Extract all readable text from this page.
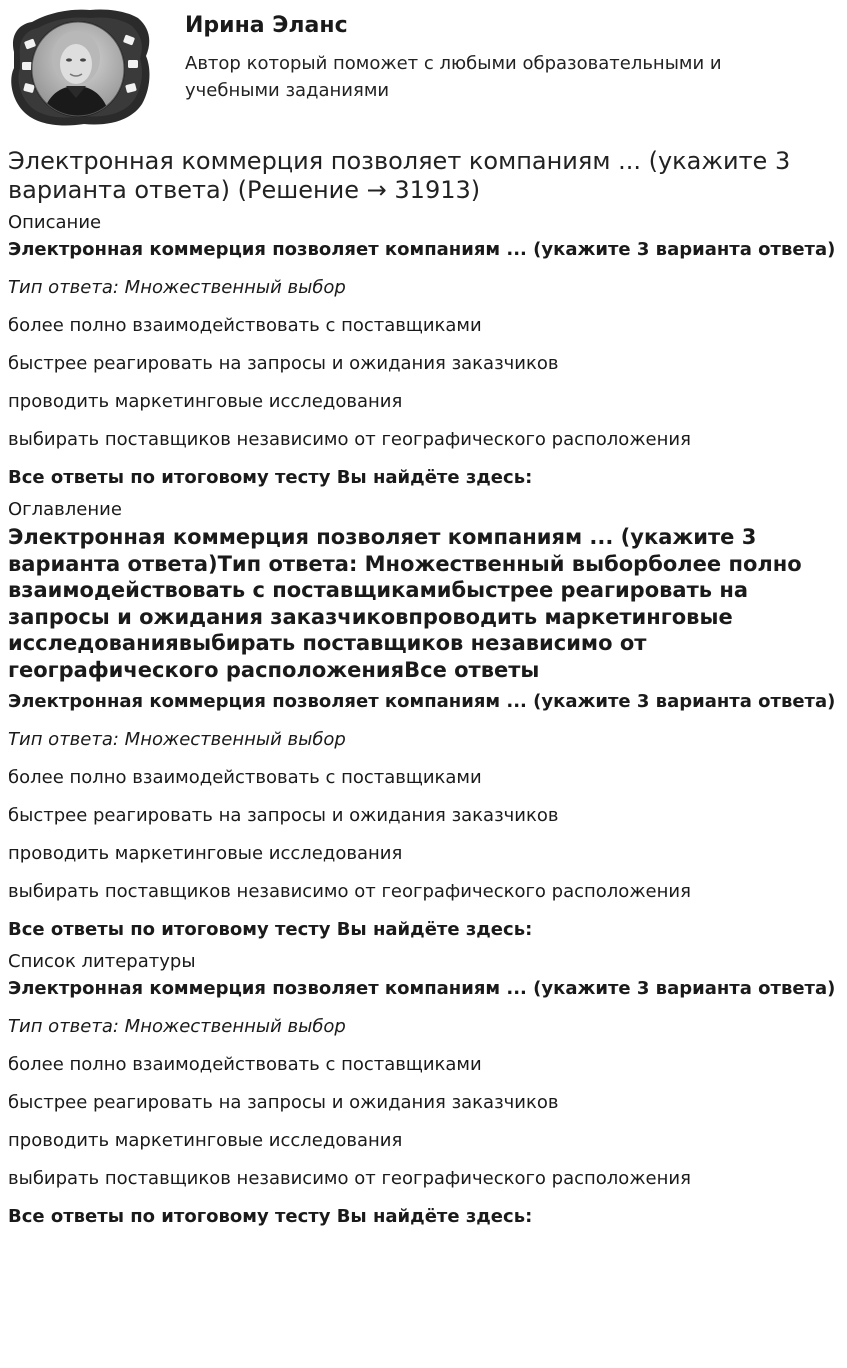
Ирина Эланс
Автор который поможет с любыми образовательными и учебными заданиями
Электронная коммерция позволяет компаниям ... (укажите 3 варианта ответа) (Решение → 31913)
Описание
Электронная коммерция позволяет компаниям ... (укажите 3 варианта ответа)
Тип ответа: Множественный выбор
более полно взаимодействовать с поставщиками
быстрее реагировать на запросы и ожидания заказчиков
проводить маркетинговые исследования
выбирать поставщиков независимо от географического расположения
Все ответы по итоговому тесту Вы найдёте здесь:
Оглавление
Электронная коммерция позволяет компаниям ... (укажите 3 варианта ответа)Тип ответа: Множественный выборболее полно взаимодействовать с поставщикамибыстрее реагировать на запросы и ожидания заказчиковпроводить маркетинговые исследованиявыбирать поставщиков независимо от географического расположенияВсе ответы
Электронная коммерция позволяет компаниям ... (укажите 3 варианта ответа)
Тип ответа: Множественный выбор
более полно взаимодействовать с поставщиками
быстрее реагировать на запросы и ожидания заказчиков
проводить маркетинговые исследования
выбирать поставщиков независимо от географического расположения
Все ответы по итоговому тесту Вы найдёте здесь:
Список литературы
Электронная коммерция позволяет компаниям ... (укажите 3 варианта ответа)
Тип ответа: Множественный выбор
более полно взаимодействовать с поставщиками
быстрее реагировать на запросы и ожидания заказчиков
проводить маркетинговые исследования
выбирать поставщиков независимо от географического расположения
Все ответы по итоговому тесту Вы найдёте здесь:
